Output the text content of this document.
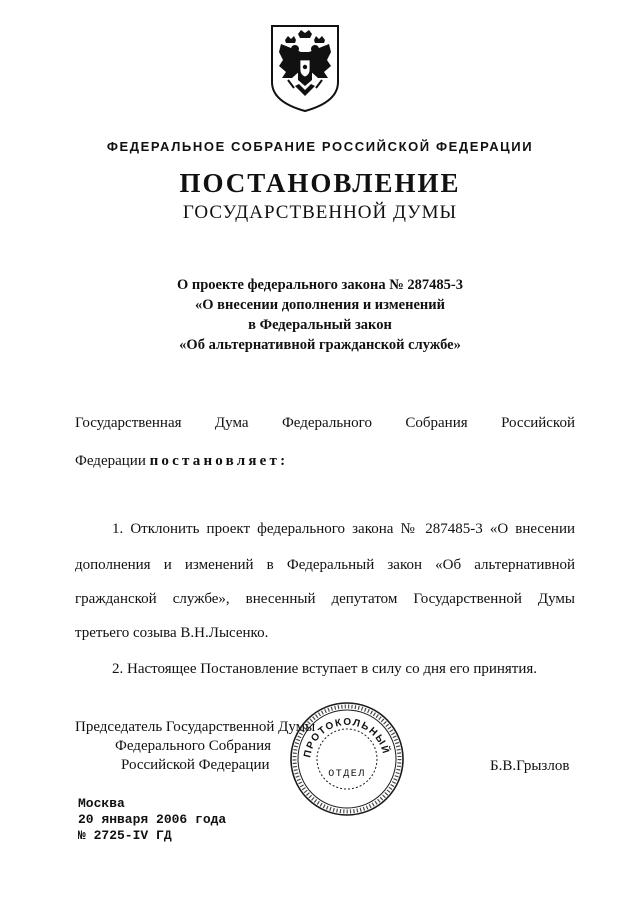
ФЕДЕРАЛЬНОЕ СОБРАНИЕ РОССИЙСКОЙ ФЕДЕРАЦИИ
ПОСТАНОВЛЕНИЕ
ГОСУДАРСТВЕННОЙ ДУМЫ
О проекте федерального закона № 287485-3
«О внесении дополнения и изменений
в Федеральный закон
«Об альтернативной гражданской службе»
Государственная Дума Федерального Собрания Российской
Федерации постановляет:
1. Отклонить проект федерального закона № 287485-3 «О внесении
дополнения и изменений в Федеральный закон «Об альтернативной
гражданской службе», внесенный депутатом Государственной Думы
третьего созыва В.Н.Лысенко.
2. Настоящее Постановление вступает в силу со дня его принятия.
Председатель Государственной Думы
Федерального Собрания
Российской Федерации	Б.В.Грызлов
ПРОТОКОЛЬНЫЙ
ОТДЕЛ
Москва
20 января 2006 года
№ 2725-IV ГД
